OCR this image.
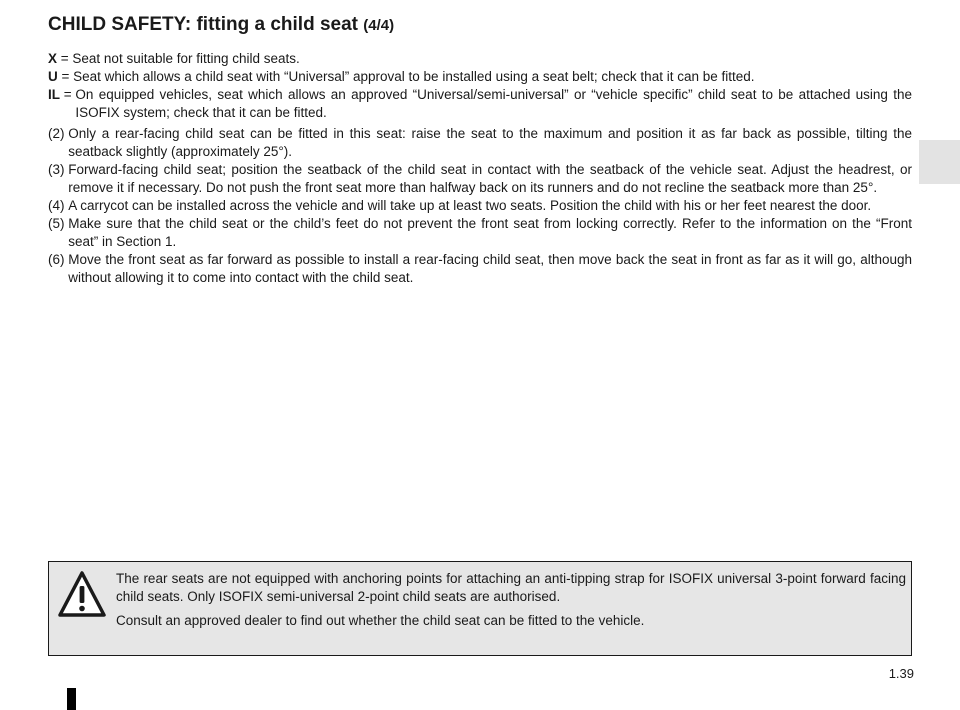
CHILD SAFETY: fitting a child seat (4/4)
X = Seat not suitable for fitting child seats.
U = Seat which allows a child seat with “Universal” approval to be installed using a seat belt; check that it can be fitted.
IL = On equipped vehicles, seat which allows an approved “Universal/semi-universal” or “vehicle specific” child seat to be attached using the ISOFIX system; check that it can be fitted.
(2) Only a rear-facing child seat can be fitted in this seat: raise the seat to the maximum and position it as far back as possible, tilting the seatback slightly (approximately 25°).
(3) Forward-facing child seat; position the seatback of the child seat in contact with the seatback of the vehicle seat. Adjust the headrest, or remove it if necessary. Do not push the front seat more than halfway back on its runners and do not recline the seatback more than 25°.
(4) A carrycot can be installed across the vehicle and will take up at least two seats. Position the child with his or her feet nearest the door.
(5) Make sure that the child seat or the child’s feet do not prevent the front seat from locking correctly. Refer to the information on the “Front seat” in Section 1.
(6) Move the front seat as far forward as possible to install a rear-facing child seat, then move back the seat in front as far as it will go, although without allowing it to come into contact with the child seat.

The rear seats are not equipped with anchoring points for attaching an anti-tipping strap for ISOFIX universal 3-point forward facing child seats. Only ISOFIX semi-universal 2-point child seats are authorised.

Consult an approved dealer to find out whether the child seat can be fitted to the vehicle.

1.39
